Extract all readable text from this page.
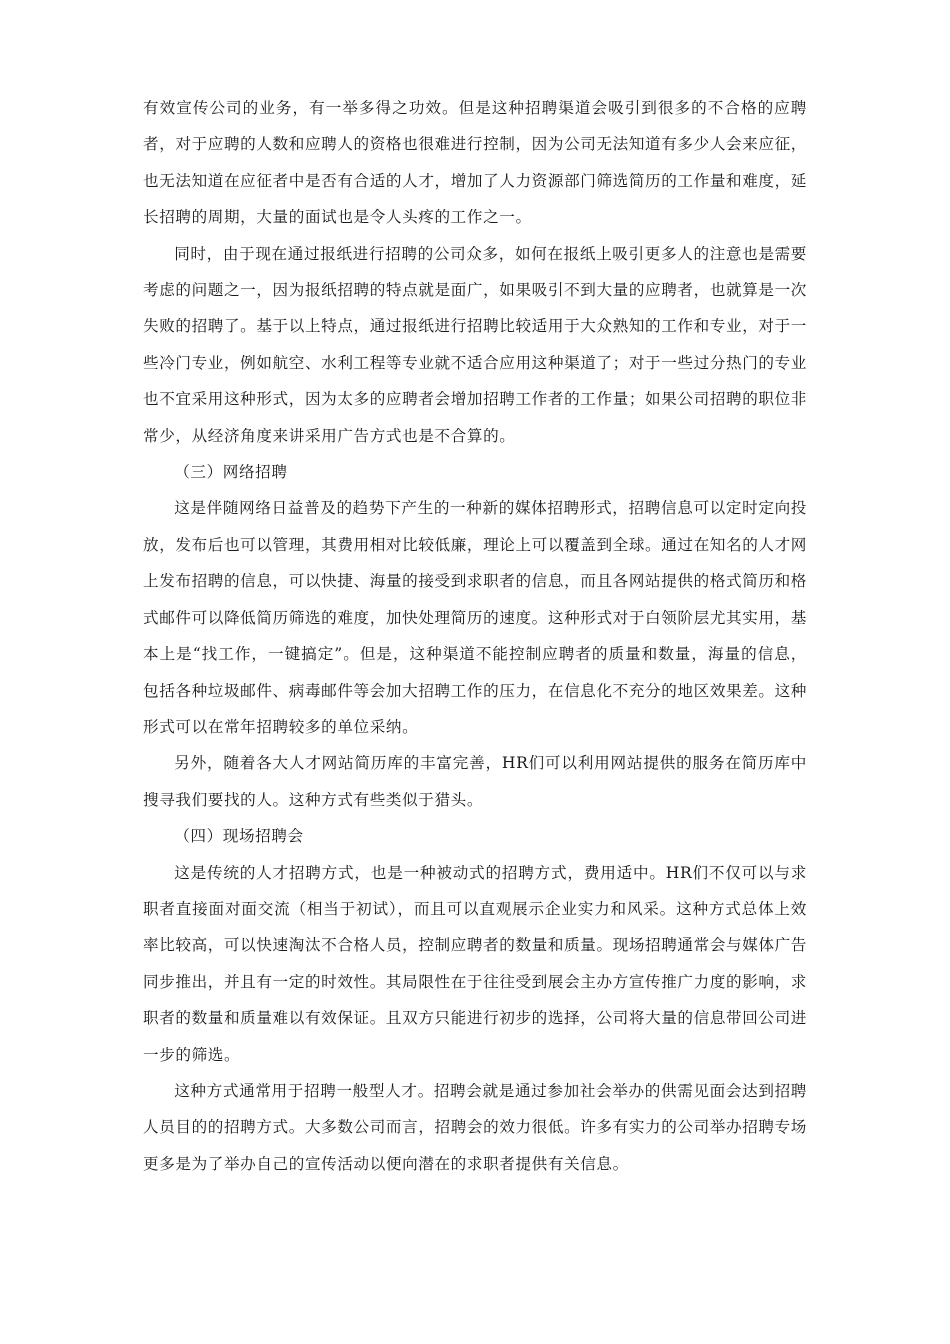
有效宣传公司的业务，有一举多得之功效。但是这种招聘渠道会吸引到很多的不合格的应聘者，对于应聘的人数和应聘人的资格也很难进行控制，因为公司无法知道有多少人会来应征，也无法知道在应征者中是否有合适的人才，增加了人力资源部门筛选简历的工作量和难度，延长招聘的周期，大量的面试也是令人头疼的工作之一。

同时，由于现在通过报纸进行招聘的公司众多，如何在报纸上吸引更多人的注意也是需要考虑的问题之一，因为报纸招聘的特点就是面广，如果吸引不到大量的应聘者，也就算是一次失败的招聘了。基于以上特点，通过报纸进行招聘比较适用于大众熟知的工作和专业，对于一些冷门专业，例如航空、水利工程等专业就不适合应用这种渠道了；对于一些过分热门的专业也不宜采用这种形式，因为太多的应聘者会增加招聘工作者的工作量；如果公司招聘的职位非常少，从经济角度来讲采用广告方式也是不合算的。

（三）网络招聘

这是伴随网络日益普及的趋势下产生的一种新的媒体招聘形式，招聘信息可以定时定向投放，发布后也可以管理，其费用相对比较低廉，理论上可以覆盖到全球。通过在知名的人才网上发布招聘的信息，可以快捷、海量的接受到求职者的信息，而且各网站提供的格式简历和格式邮件可以降低简历筛选的难度，加快处理简历的速度。这种形式对于白领阶层尤其实用，基本上是“找工作，一键搞定”。但是，这种渠道不能控制应聘者的质量和数量，海量的信息，包括各种垃圾邮件、病毒邮件等会加大招聘工作的压力，在信息化不充分的地区效果差。这种形式可以在常年招聘较多的单位采纳。

另外，随着各大人才网站简历库的丰富完善，HR们可以利用网站提供的服务在简历库中搜寻我们要找的人。这种方式有些类似于猎头。

（四）现场招聘会

这是传统的人才招聘方式，也是一种被动式的招聘方式，费用适中。HR们不仅可以与求职者直接面对面交流（相当于初试），而且可以直观展示企业实力和风采。这种方式总体上效率比较高，可以快速淘汰不合格人员，控制应聘者的数量和质量。现场招聘通常会与媒体广告同步推出，并且有一定的时效性。其局限性在于往往受到展会主办方宣传推广力度的影响，求职者的数量和质量难以有效保证。且双方只能进行初步的选择，公司将大量的信息带回公司进一步的筛选。

这种方式通常用于招聘一般型人才。招聘会就是通过参加社会举办的供需见面会达到招聘人员目的的招聘方式。大多数公司而言，招聘会的效力很低。许多有实力的公司举办招聘专场更多是为了举办自己的宣传活动以便向潜在的求职者提供有关信息。
